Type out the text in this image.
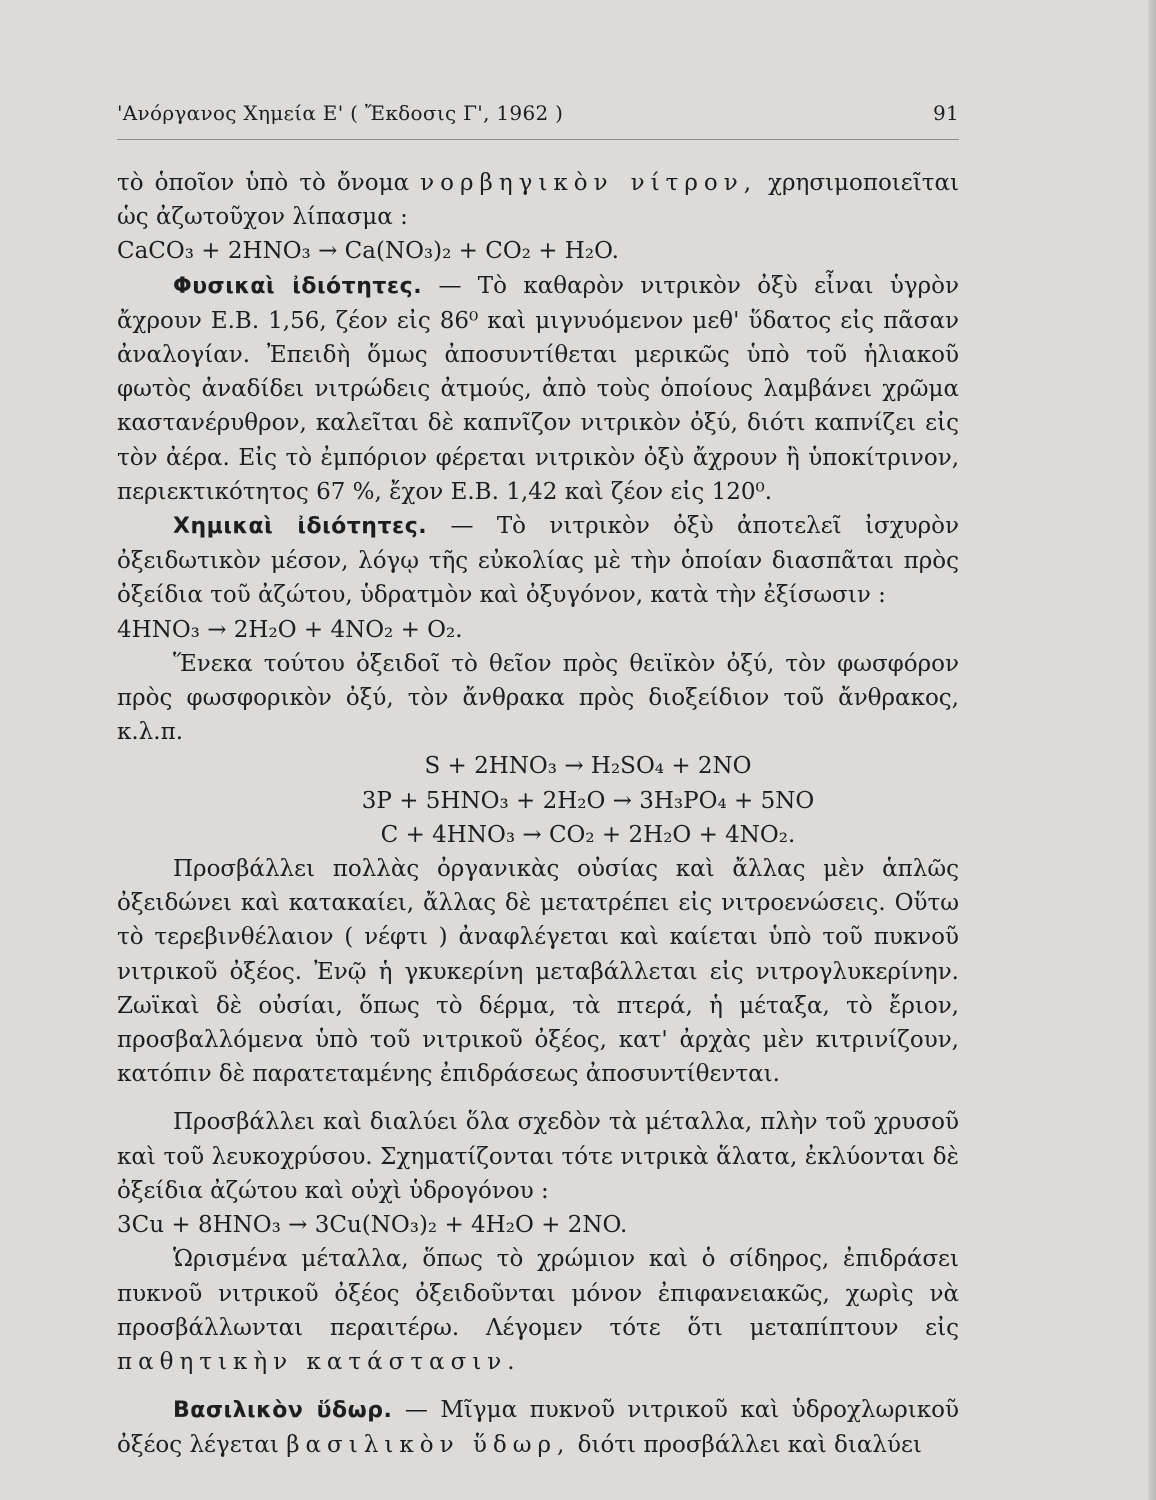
'Ανόργανος Χημεία Ε' ( Ἔκδοσις Γ', 1962 )	91

τὸ ὁποῖον ὑπὸ τὸ ὄνομα νορβηγικὸν νίτρον, χρησιμοποιεῖται ὡς ἀζωτοῦχον λίπασμα :

CaCO₃ + 2HNO₃ → Ca(NO₃)₂ + CO₂ + H₂O.

Φυσικαὶ ἰδιότητες. — Τὸ καθαρὸν νιτρικὸν ὀξὺ εἶναι ὑγρὸν ἄχρουν Ε.Β. 1,56, ζέον εἰς 86⁰ καὶ μιγνυόμενον μεθ' ὕδατος εἰς πᾶσαν ἀναλογίαν. Ἐπειδὴ ὅμως ἀποσυντίθεται μερικῶς ὑπὸ τοῦ ἡλιακοῦ φωτὸς ἀναδίδει νιτρώδεις ἀτμούς, ἀπὸ τοὺς ὁποίους λαμβάνει χρῶμα καστανέρυθρον, καλεῖται δὲ καπνῖζον νιτρικὸν ὀξύ, διότι καπνίζει εἰς τὸν ἀέρα. Εἰς τὸ ἐμπόριον φέρεται νιτρικὸν ὀξὺ ἄχρουν ἢ ὑποκίτρινον, περιεκτικότητος 67 %, ἔχον Ε.Β. 1,42 καὶ ζέον εἰς 120⁰.

Χημικαὶ ἰδιότητες. — Τὸ νιτρικὸν ὀξὺ ἀποτελεῖ ἰσχυρὸν ὀξειδωτικὸν μέσον, λόγῳ τῆς εὐκολίας μὲ τὴν ὁποίαν διασπᾶται πρὸς ὀξείδια τοῦ ἀζώτου, ὑδρατμὸν καὶ ὀξυγόνον, κατὰ τὴν ἐξίσωσιν :

4HNO₃ → 2H₂O + 4NO₂ + O₂.

Ἕνεκα τούτου ὀξειδοῖ τὸ θεῖον πρὸς θειϊκὸν ὀξύ, τὸν φωσφόρον πρὸς φωσφορικὸν ὀξύ, τὸν ἄνθρακα πρὸς διοξείδιον τοῦ ἄνθρακος, κ.λ.π.

S + 2HNO₃ → H₂SO₄ + 2NO
3P + 5HNO₃ + 2H₂O → 3H₃PO₄ + 5NO
C + 4HNO₃ → CO₂ + 2H₂O + 4NO₂.

Προσβάλλει πολλὰς ὀργανικὰς οὐσίας καὶ ἄλλας μὲν ἁπλῶς ὀξειδώνει καὶ κατακαίει, ἄλλας δὲ μετατρέπει εἰς νιτροενώσεις. Οὕτω τὸ τερεβινθέλαιον ( νέφτι ) ἀναφλέγεται καὶ καίεται ὑπὸ τοῦ πυκνοῦ νιτρικοῦ ὀξέος. Ἐνῷ ἡ γκυκερίνη μεταβάλλεται εἰς νιτρογλυκερίνην. Ζωϊκαὶ δὲ οὐσίαι, ὅπως τὸ δέρμα, τὰ πτερά, ἡ μέταξα, τὸ ἔριον, προσβαλλόμενα ὑπὸ τοῦ νιτρικοῦ ὀξέος, κατ' ἀρχὰς μὲν κιτρινίζουν, κατόπιν δὲ παρατεταμένης ἐπιδράσεως ἀποσυντίθενται.

Προσβάλλει καὶ διαλύει ὅλα σχεδὸν τὰ μέταλλα, πλὴν τοῦ χρυσοῦ καὶ τοῦ λευκοχρύσου. Σχηματίζονται τότε νιτρικὰ ἅλατα, ἐκλύονται δὲ ὀξείδια ἀζώτου καὶ οὐχὶ ὑδρογόνου :

3Cu + 8HNO₃ → 3Cu(NO₃)₂ + 4H₂O + 2NO.

Ὡρισμένα μέταλλα, ὅπως τὸ χρώμιον καὶ ὁ σίδηρος, ἐπιδράσει πυκνοῦ νιτρικοῦ ὀξέος ὀξειδοῦνται μόνον ἐπιφανειακῶς, χωρὶς νὰ προσβάλλωνται περαιτέρω. Λέγομεν τότε ὅτι μεταπίπτουν εἰς παθητικὴν κατάστασιν.

Βασιλικὸν ὕδωρ. — Μῖγμα πυκνοῦ νιτρικοῦ καὶ ὑδροχλωρικοῦ ὀξέος λέγεται βασιλικὸν ὕδωρ, διότι προσβάλλει καὶ διαλύει
